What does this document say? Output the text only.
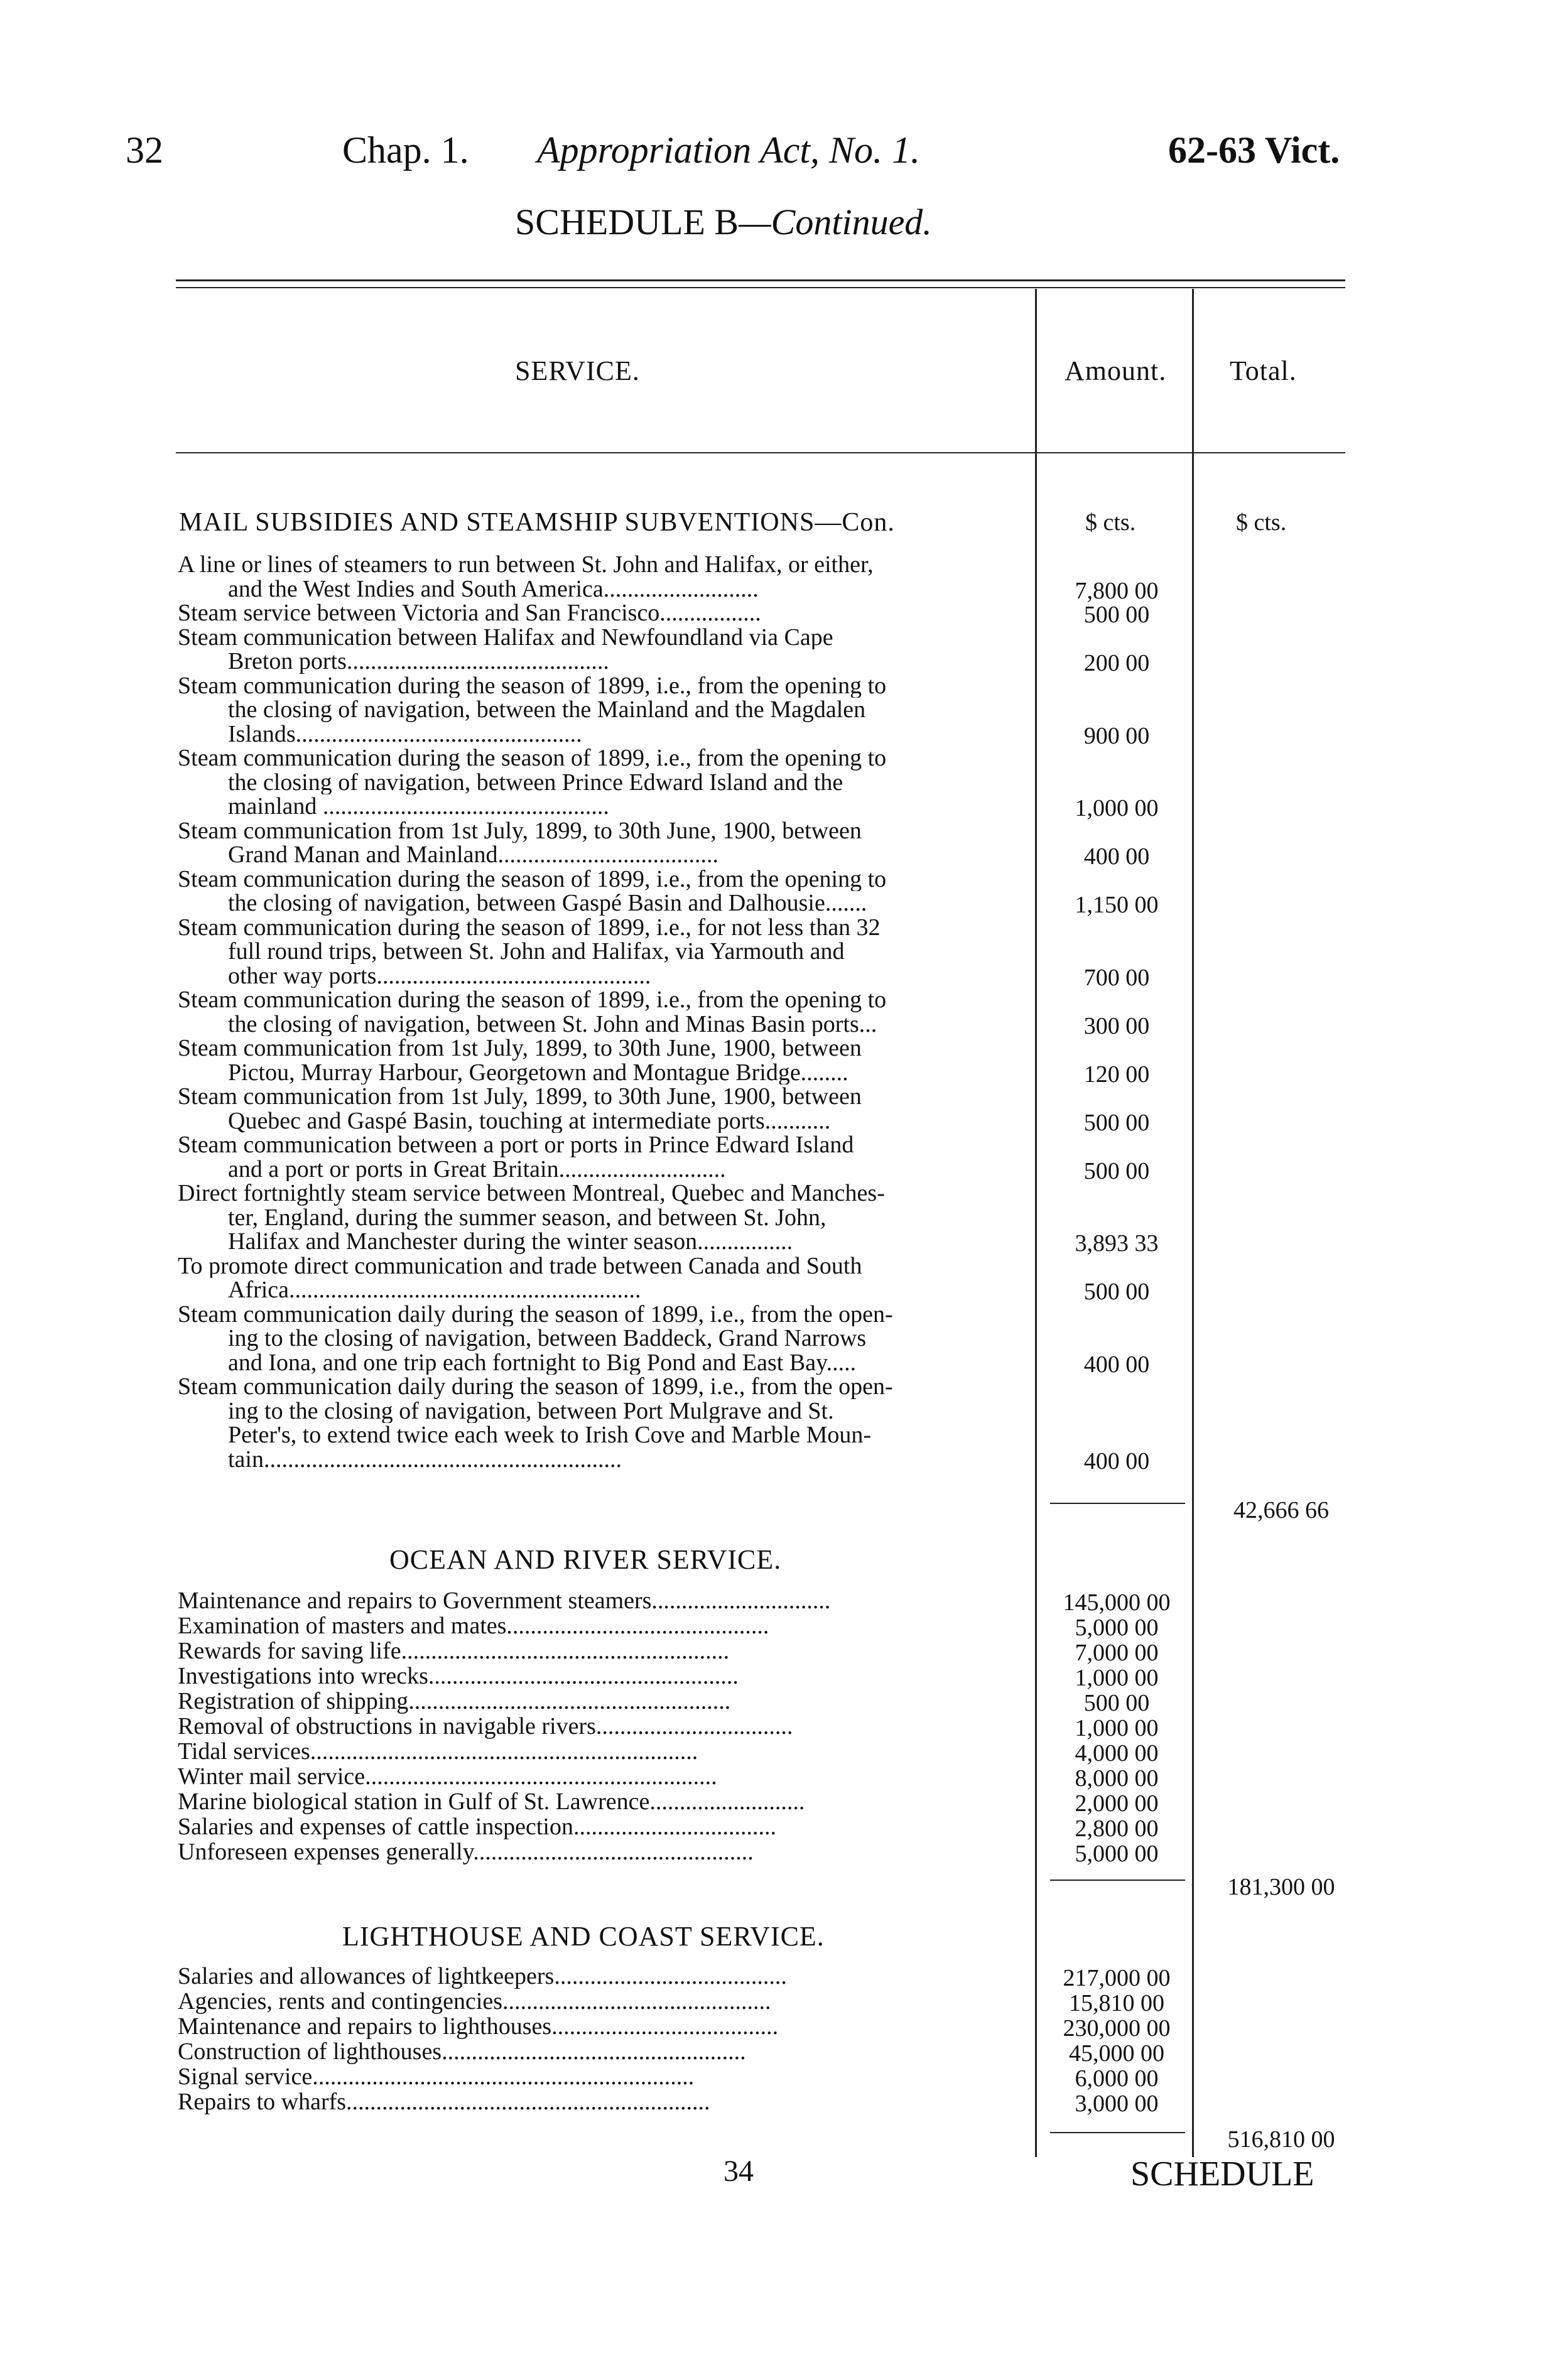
32	Chap. 1. Appropriation Act, No. 1.	62-63 Vict.
SCHEDULE B—Continued.
SERVICE.	Amount. Total.
$ cts.	$ cts.
MAIL SUBSIDIES AND STEAMSHIP SUBVENTIONS—Con.
A line or lines of steamers to run between St. John and Halifax, or either,
and the West Indies and South America..........................	7,800 00
Steam service between Victoria and San Francisco.................	500 00
Steam communication between Halifax and Newfoundland via Cape
Breton ports............................................	200 00
Steam communication during the season of 1899, i.e., from the opening to
the closing of navigation, between the Mainland and the Magdalen
Islands................................................	900 00
Steam communication during the season of 1899, i.e., from the opening to
the closing of navigation, between Prince Edward Island and the
mainland ................................................	1,000 00
Steam communication from 1st July, 1899, to 30th June, 1900, between
Grand Manan and Mainland.....................................	400 00
Steam communication during the season of 1899, i.e., from the opening to
the closing of navigation, between Gaspé Basin and Dalhousie.......	1,150 00
Steam communication during the season of 1899, i.e., for not less than 32
full round trips, between St. John and Halifax, via Yarmouth and
other way ports..............................................	700 00
Steam communication during the season of 1899, i.e., from the opening to
the closing of navigation, between St. John and Minas Basin ports...	300 00
Steam communication from 1st July, 1899, to 30th June, 1900, between
Pictou, Murray Harbour, Georgetown and Montague Bridge........	120 00
Steam communication from 1st July, 1899, to 30th June, 1900, between
Quebec and Gaspé Basin, touching at intermediate ports...........	500 00
Steam communication between a port or ports in Prince Edward Island
and a port or ports in Great Britain............................	500 00
Direct fortnightly steam service between Montreal, Quebec and Manches-
ter, England, during the summer season, and between St. John,
Halifax and Manchester during the winter season................	3,893 33
To promote direct communication and trade between Canada and South
Africa...........................................................	500 00
Steam communication daily during the season of 1899, i.e., from the open-
ing to the closing of navigation, between Baddeck, Grand Narrows
and Iona, and one trip each fortnight to Big Pond and East Bay.....	400 00
Steam communication daily during the season of 1899, i.e., from the open-
ing to the closing of navigation, between Port Mulgrave and St.
Peter's, to extend twice each week to Irish Cove and Marble Moun-
tain............................................................	400 00
42,666 66
OCEAN AND RIVER SERVICE.
Maintenance and repairs to Government steamers..............................	145,000 00
Examination of masters and mates............................................	5,000 00
Rewards for saving life.......................................................	7,000 00
Investigations into wrecks....................................................	1,000 00
Registration of shipping......................................................	500 00
Removal of obstructions in navigable rivers.................................	1,000 00
Tidal services.................................................................	4,000 00
Winter mail service...........................................................	8,000 00
Marine biological station in Gulf of St. Lawrence..........................	2,000 00
Salaries and expenses of cattle inspection..................................	2,800 00
Unforeseen expenses generally...............................................	5,000 00
181,300 00
LIGHTHOUSE AND COAST SERVICE.
Salaries and allowances of lightkeepers.......................................	217,000 00
Agencies, rents and contingencies.............................................	15,810 00
Maintenance and repairs to lighthouses......................................	230,000 00
Construction of lighthouses...................................................	45,000 00
Signal service................................................................	6,000 00
Repairs to wharfs.............................................................	3,000 00
516,810 00
34	SCHEDULE
